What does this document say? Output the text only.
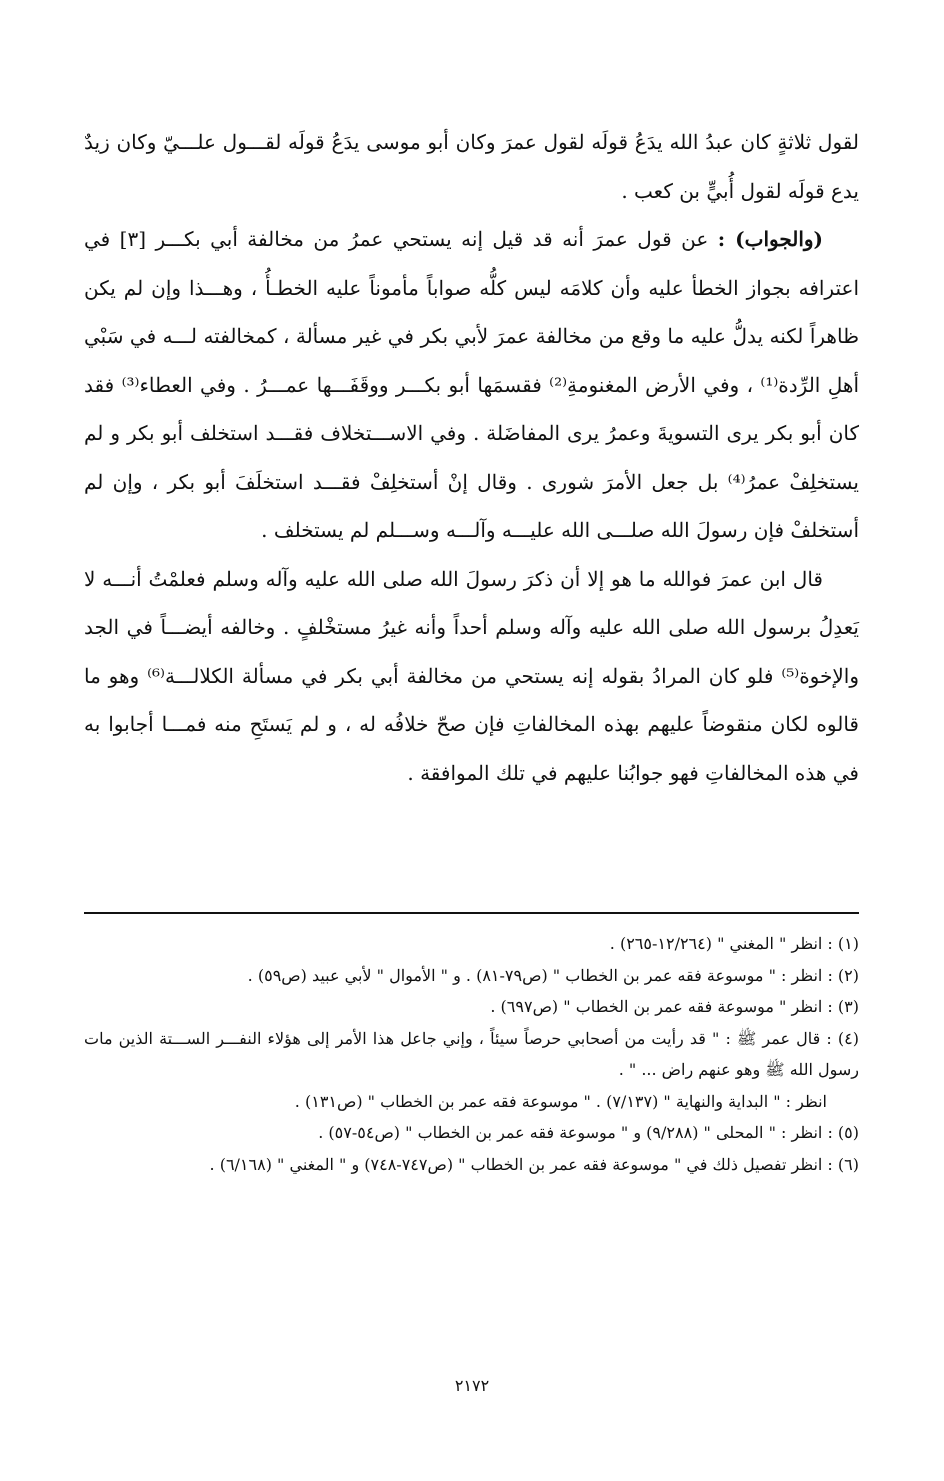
لقول ثلاثةٍ كان عبدُ الله يدَعُ قولَه لقول عمرَ وكان أبو موسى يدَعُ قولَه لقـــول علـــيّ وكان زيدٌ يدع قولَه لقول أُبيٍّ بن كعب .

(والجواب) : عن قول عمرَ أنه قد قيل إنه يستحي عمرُ من مخالفة أبي بكـــر [٣] في اعترافه بجواز الخطأ عليه وأن كلامَه ليس كلُّه صواباً مأموناً عليه الخطـأُ ، وهـــذا وإن لم يكن ظاهراً لكنه يدلُّ عليه ما وقع من مخالفة عمرَ لأبي بكر في غير مسألة ، كمخالفته لـــه في سَبْي أهلِ الرِّدة⁽¹⁾ ، وفي الأرض المغنومةِ⁽²⁾ فقسمَها أبو بكـــر ووقَفَـــها عمـــرُ . وفي العطاء⁽³⁾ فقد كان أبو بكر يرى التسويةَ وعمرُ يرى المفاضَلة . وفي الاســـتخلاف فقـــد استخلف أبو بكر و لم يستخلِفْ عمرُ⁽⁴⁾ بل جعل الأمرَ شورى . وقال إنْ أستخلِفْ فقـــد استخلَفَ أبو بكر ، وإن لم أستخلفْ فإن رسولَ الله صلـــى الله عليـــه وآلـــه وســـلم لم يستخلف .

قال ابن عمرَ فوالله ما هو إلا أن ذكرَ رسولَ الله صلى الله عليه وآله وسلم فعلمْتُ أنـــه لا يَعدِلُ برسول الله صلى الله عليه وآله وسلم أحداً وأنه غيرُ مستخْلفٍ . وخالفه أيضـــاً في الجد والإخوة⁽⁵⁾ فلو كان المرادُ بقوله إنه يستحي من مخالفة أبي بكر في مسألة الكلالـــة⁽⁶⁾ وهو ما قالوه لكان منقوضاً عليهم بهذه المخالفاتِ فإن صحّ خلافُه له ، و لم يَستَحِ منه فمـــا أجابوا به في هذه المخالفاتِ فهو جوابُنا عليهم في تلك الموافقة .

(١) : انظر " المغني " (١٢/٢٦٤-٢٦٥) .

(٢) : انظر : " موسوعة فقه عمر بن الخطاب " (ص٧٩-٨١) . و " الأموال " لأبي عبيد (ص٥٩) .

(٣) : انظر " موسوعة فقه عمر بن الخطاب " (ص٦٩٧) .

(٤) : قال عمر ﷺ : " قد رأيت من أصحابي حرصاً سيئاً ، وإني جاعل هذا الأمر إلى هؤلاء النفـــر الســـتة الذين مات رسول الله ﷺ وهو عنهم راض ... " .

انظر : " البداية والنهاية " (٧/١٣٧) . " موسوعة فقه عمر بن الخطاب " (ص١٣١) .

(٥) : انظر : " المحلى " (٩/٢٨٨) و " موسوعة فقه عمر بن الخطاب " (ص٥٤-٥٧) .

(٦) : انظر تفصيل ذلك في " موسوعة فقه عمر بن الخطاب " (ص٧٤٧-٧٤٨) و " المغني " (٦/١٦٨) .

٢١٧٢
